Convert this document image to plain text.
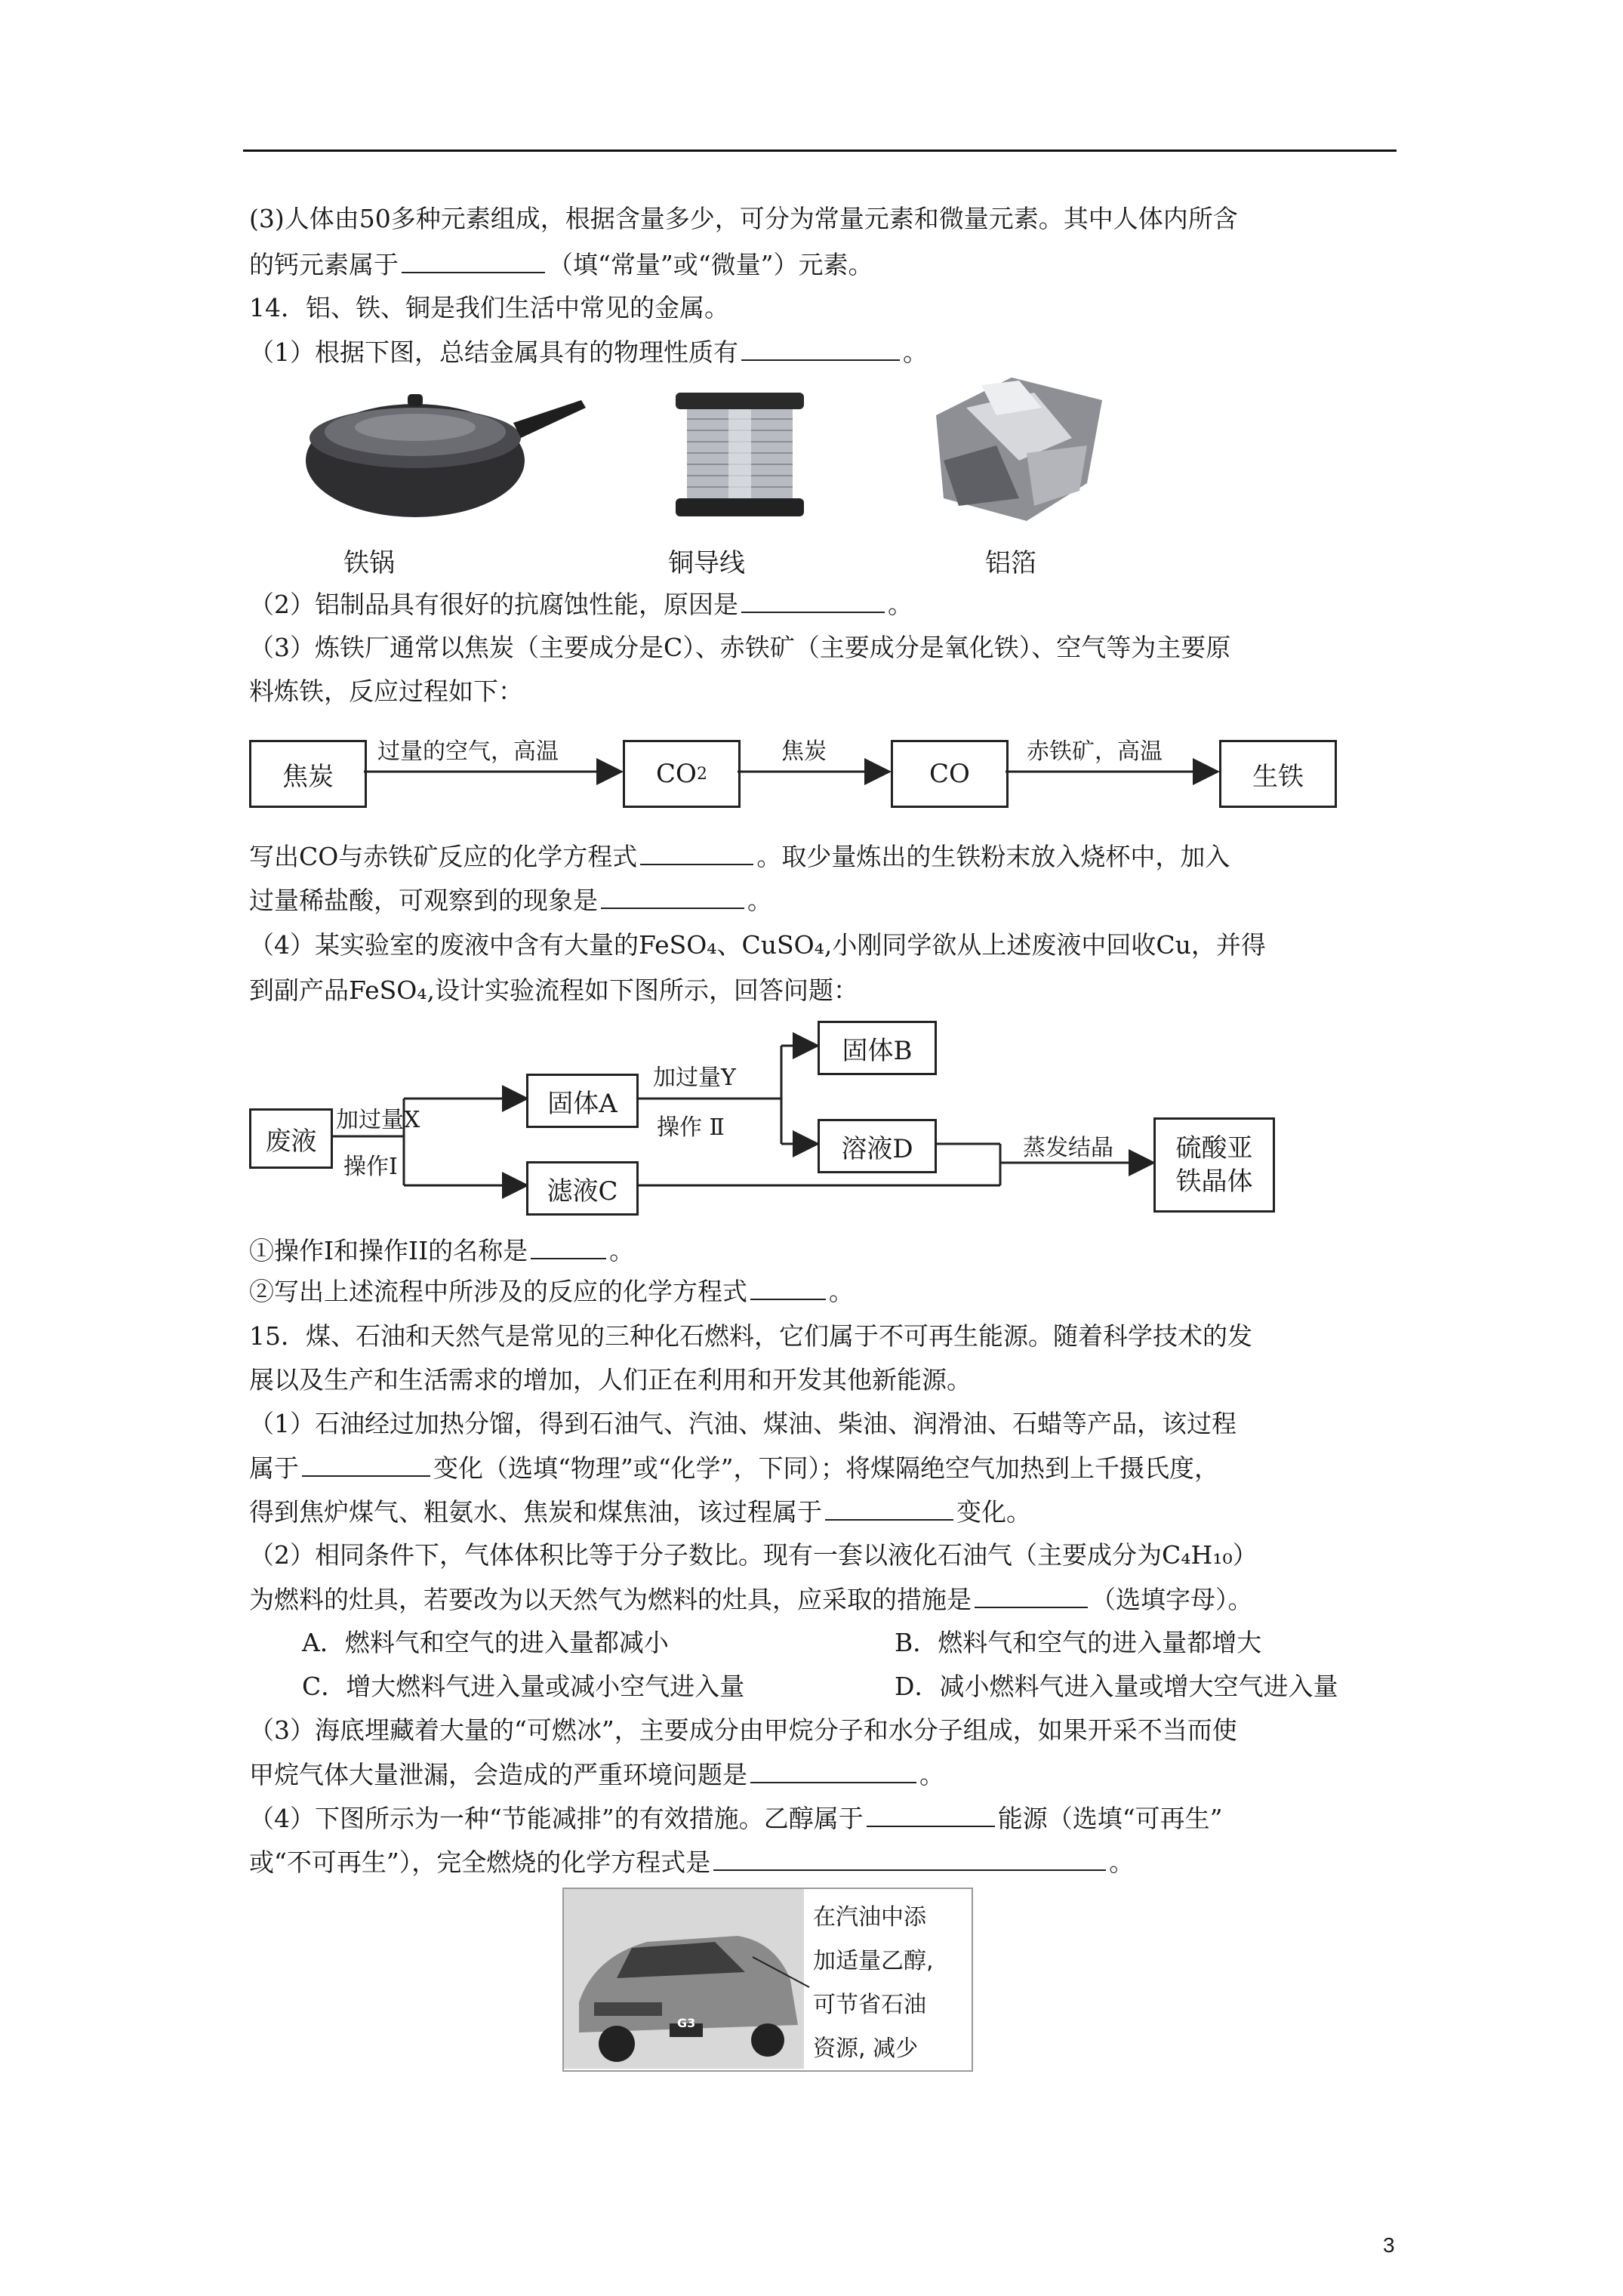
(3)人体由50多种元素组成，根据含量多少，可分为常量元素和微量元素。其中人体内所含
的钙元素属于	（填“常量”或“微量”）元素。
14．铝、铁、铜是我们生活中常见的金属。
（1）根据下图，总结金属具有的物理性质有	。
铁锅	铜导线	铝箔
（2）铝制品具有很好的抗腐蚀性能，原因是	。
（3）炼铁厂通常以焦炭（主要成分是C）、赤铁矿（主要成分是氧化铁）、空气等为主要原
料炼铁，反应过程如下：
焦炭	CO 2	CO	生铁
过量的空气，高温	焦炭	赤铁矿，高温
写出CO与赤铁矿反应的化学方程式	。取少量炼出的生铁粉末放入烧杯中，加入
过量稀盐酸，可观察到的现象是	。
（4）某实验室的废液中含有大量的FeSO₄、CuSO₄,小刚同学欲从上述废液中回收Cu，并得
到副产品FeSO₄,设计实验流程如下图所示，回答问题：
废液
加过量X
操作I
固体A
滤液C
加过量Y
操作 Ⅱ
固体B
溶液D	蒸发结晶 硫酸亚
铁晶体
①操作I和操作II的名称是	。
②写出上述流程中所涉及的反应的化学方程式	。
15．煤、石油和天然气是常见的三种化石燃料，它们属于不可再生能源。随着科学技术的发
展以及生产和生活需求的增加，人们正在利用和开发其他新能源。
（1）石油经过加热分馏，得到石油气、汽油、煤油、柴油、润滑油、石蜡等产品，该过程
属于	变化（选填“物理”或“化学”，下同）；将煤隔绝空气加热到上千摄氏度，
得到焦炉煤气、粗氨水、焦炭和煤焦油，该过程属于	变化。
（2）相同条件下，气体体积比等于分子数比。现有一套以液化石油气（主要成分为C₄H₁₀）
为燃料的灶具，若要改为以天然气为燃料的灶具，应采取的措施是	（选填字母）。
A．燃料气和空气的进入量都减小	B．燃料气和空气的进入量都增大
C．增大燃料气进入量或减小空气进入量	D．减小燃料气进入量或增大空气进入量
（3）海底埋藏着大量的“可燃冰”，主要成分由甲烷分子和水分子组成，如果开采不当而使
甲烷气体大量泄漏，会造成的严重环境问题是	。
（4）下图所示为一种“节能减排”的有效措施。乙醇属于	能源（选填“可再生”
或“不可再生”），完全燃烧的化学方程式是	。
G3
在汽油中添
加适量乙醇,
可节省石油
资源, 减少
3
